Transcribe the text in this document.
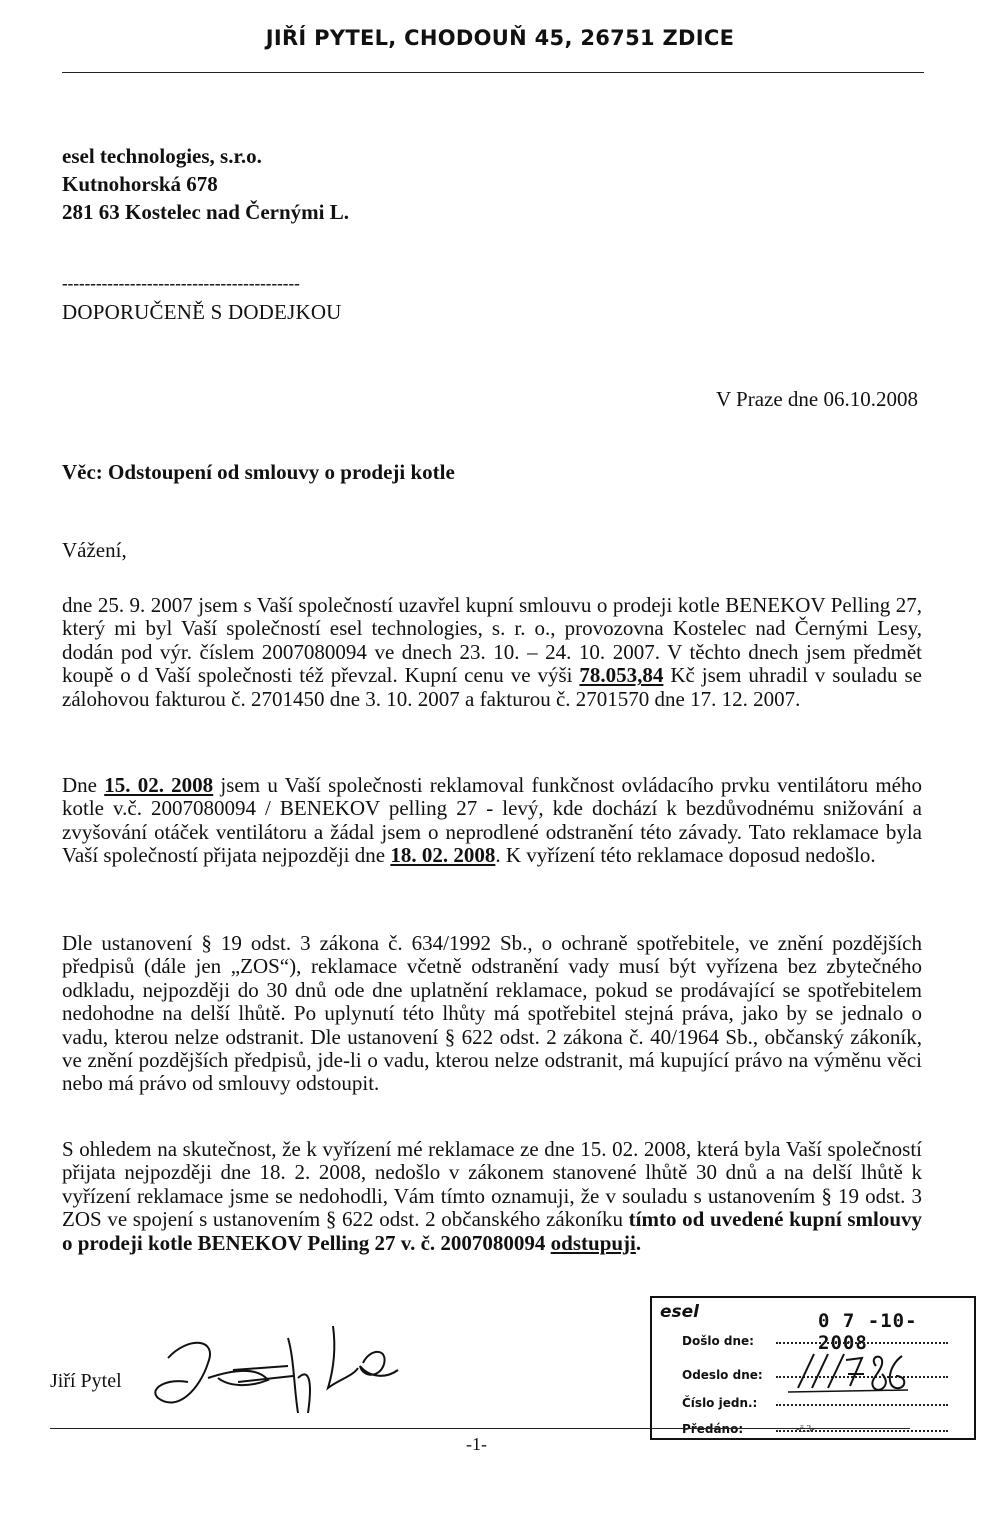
JIŘÍ PYTEL, CHODOUŇ 45, 26751 ZDICE
esel technologies, s.r.o.
Kutnohorská 678
281 63 Kostelec nad Černými L.
------------------------------------------
DOPORUČENĚ S DODEJKOU
V Praze dne 06.10.2008
Věc: Odstoupení od smlouvy o prodeji kotle
Vážení,
dne 25. 9. 2007 jsem s Vaší společností uzavřel kupní smlouvu o prodeji kotle BENEKOV Pelling 27, který mi byl Vaší společností esel technologies, s. r. o., provozovna Kostelec nad Černými Lesy, dodán pod výr. číslem 2007080094 ve dnech 23. 10. – 24. 10. 2007. V těchto dnech jsem předmět koupě o d Vaší společnosti též převzal. Kupní cenu ve výši 78.053,84 Kč jsem uhradil v souladu se zálohovou fakturou č. 2701450 dne 3. 10. 2007 a fakturou č. 2701570 dne 17. 12. 2007.
Dne 15. 02. 2008 jsem u Vaší společnosti reklamoval funkčnost ovládacího prvku ventilátoru mého kotle v.č. 2007080094 / BENEKOV pelling 27 - levý, kde dochází k bezdůvodnému snižování a zvyšování otáček ventilátoru a žádal jsem o neprodlené odstranění této závady. Tato reklamace byla Vaší společností přijata nejpozději dne 18. 02. 2008. K vyřízení této reklamace doposud nedošlo.
Dle ustanovení § 19 odst. 3 zákona č. 634/1992 Sb., o ochraně spotřebitele, ve znění pozdějších předpisů (dále jen „ZOS“), reklamace včetně odstranění vady musí být vyřízena bez zbytečného odkladu, nejpozději do 30 dnů ode dne uplatnění reklamace, pokud se prodávající se spotřebitelem nedohodne na delší lhůtě. Po uplynutí této lhůty má spotřebitel stejná práva, jako by se jednalo o vadu, kterou nelze odstranit. Dle ustanovení § 622 odst. 2 zákona č. 40/1964 Sb., občanský zákoník, ve znění pozdějších předpisů, jde-li o vadu, kterou nelze odstranit, má kupující právo na výměnu věci nebo má právo od smlouvy odstoupit.
S ohledem na skutečnost, že k vyřízení mé reklamace ze dne 15. 02. 2008, která byla Vaší společností přijata nejpozději dne 18. 2. 2008, nedošlo v zákonem stanovené lhůtě 30 dnů a na delší lhůtě k vyřízení reklamace jsme se nedohodli, Vám tímto oznamuji, že v souladu s ustanovením § 19 odst. 3 ZOS ve spojení s ustanovením § 622 odst. 2 občanského zákoníku tímto od uvedené kupní smlouvy o prodeji kotle BENEKOV Pelling 27 v. č. 2007080094 odstupuji.
Jiří Pytel
esel	0 7 -10- 2008
Došlo dne:
Odeslo dne:
Číslo jedn.:
Předáno:	-č.3-
-1-
